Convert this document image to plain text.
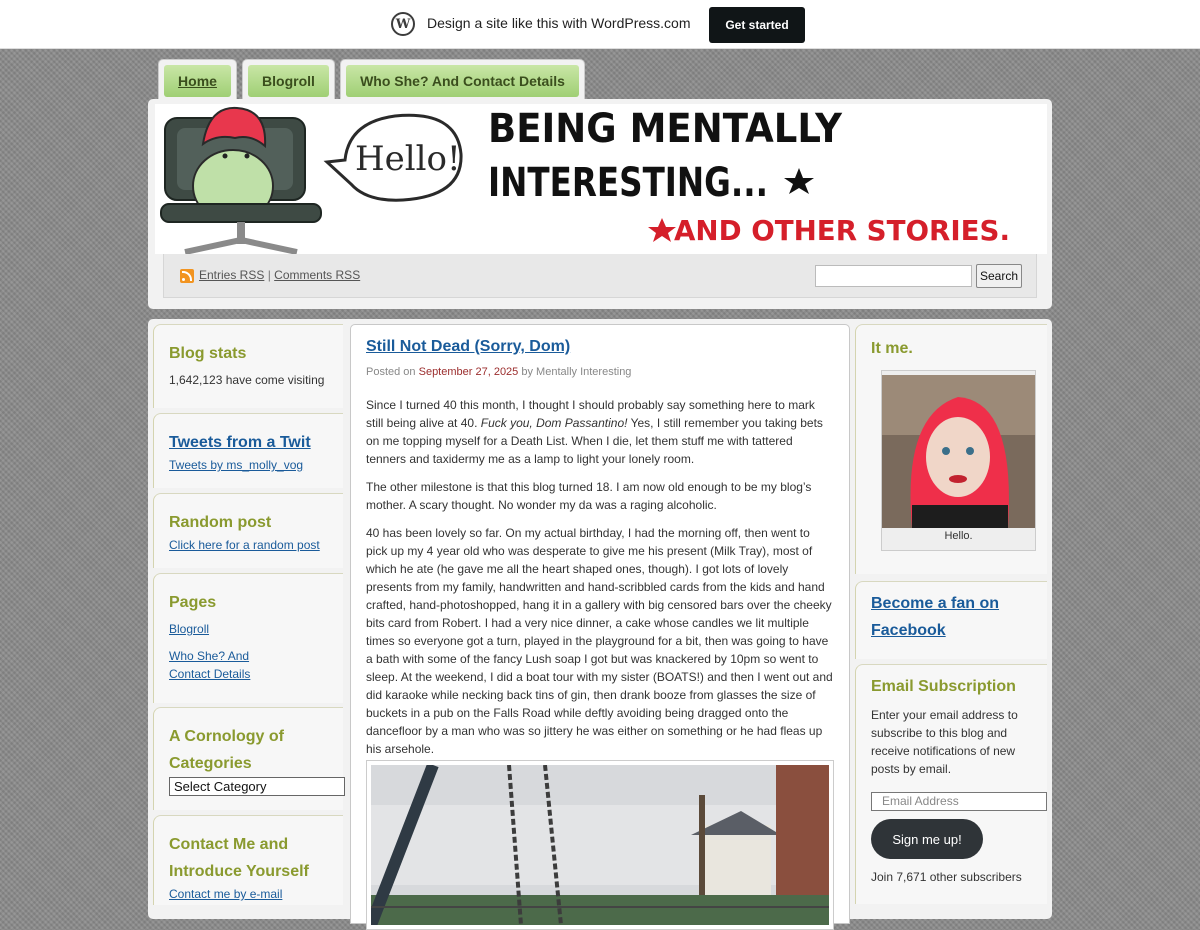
W Design a site like this with WordPress.com	Get started
Home	Blogroll	Who She? And Contact Details
Hello!
BEING MENTALLY
INTERESTING...
AND OTHER STORIES.
Entries RSS | Comments RSS	Search
Blog stats
1,642,123 have come visiting
Tweets from a Twit
Tweets by ms_molly_vog
Random post
Click here for a random post
Pages
Blogroll
Who She? And
Contact Details
A Cornology of
Categories
Select Category
Contact Me and
Introduce Yourself
Contact me by e-mail
Still Not Dead (Sorry, Dom)
Posted on September 27, 2025 by Mentally Interesting

Since I turned 40 this month, I thought I should probably say something here to mark still being alive at 40. Fuck you, Dom Passantino! Yes, I still remember you taking bets on me topping myself for a Death List. When I die, let them stuff me with tattered tenners and taxidermy me as a lamp to light your lonely room.

The other milestone is that this blog turned 18. I am now old enough to be my blog’s mother. A scary thought. No wonder my da was a raging alcoholic.

40 has been lovely so far. On my actual birthday, I had the morning off, then went to pick up my 4 year old who was desperate to give me his present (Milk Tray), most of which he ate (he gave me all the heart shaped ones, though). I got lots of lovely presents from my family, handwritten and hand-scribbled cards from the kids and hand crafted, hand-photoshopped, hang it in a gallery with big censored bars over the cheeky bits card from Robert. I had a very nice dinner, a cake whose candles we lit multiple times so everyone got a turn, played in the playground for a bit, then was going to have a bath with some of the fancy Lush soap I got but was knackered by 10pm so went to sleep. At the weekend, I did a boat tour with my sister (BOATS!) and then I went out and did karaoke while necking back tins of gin, then drank booze from glasses the size of buckets in a pub on the Falls Road while deftly avoiding being dragged onto the dancefloor by a man who was so jittery he was either on something or he had fleas up his arsehole.

It me.
Hello.
Become a fan on
Facebook
Email Subscription
Enter your email address to subscribe to this blog and receive notifications of new posts by email.
Email Address
Sign me up!
Join 7,671 other subscribers
